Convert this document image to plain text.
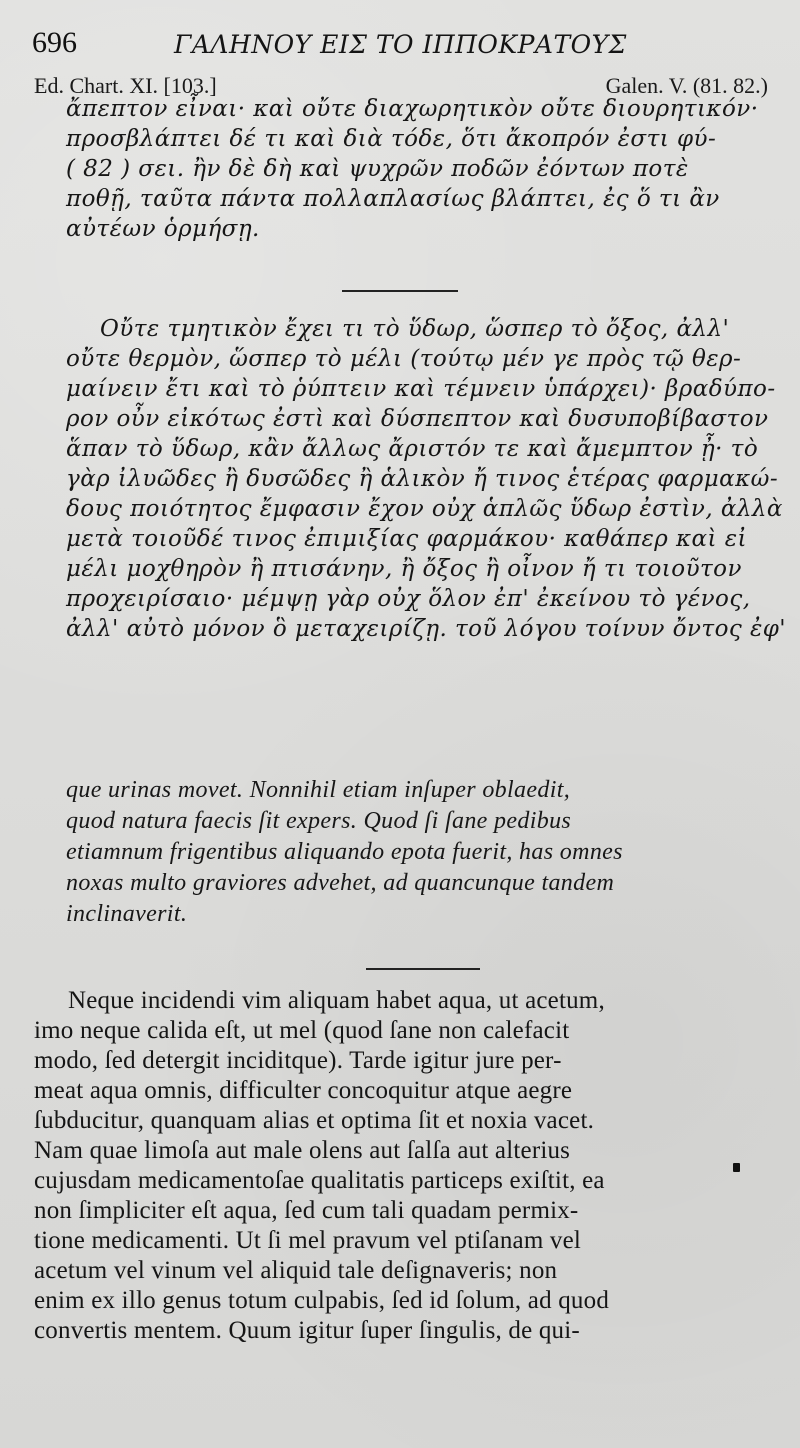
696	ΓΑΛΗΝΟΥ ΕΙΣ ΤΟ ΙΠΠΟΚΡΑΤΟΥΣ
Ed. Chart. XI. [103.]	Galen. V. (81. 82.)
ἄπεπτον εἶναι· καὶ οὔτε διαχωρητικὸν οὔτε διουρητικόν·
προσβλάπτει δέ τι καὶ διὰ τόδε, ὅτι ἄκοπρόν ἐστι φύ-
( 82 ) σει. ἢν δὲ δὴ καὶ ψυχρῶν ποδῶν ἐόντων ποτὲ
ποθῇ, ταῦτα πάντα πολλαπλασίως βλάπτει, ἐς ὅ τι ἂν
αὐτέων ὁρμήσῃ.
Οὔτε τμητικὸν ἔχει τι τὸ ὕδωρ, ὥσπερ τὸ ὄξος, ἀλλ'
οὔτε θερμὸν, ὥσπερ τὸ μέλι (τούτῳ μέν γε πρὸς τῷ θερ-
μαίνειν ἔτι καὶ τὸ ῥύπτειν καὶ τέμνειν ὑπάρχει)· βραδύπο-
ρον οὖν εἰκότως ἐστὶ καὶ δύσπεπτον καὶ δυσυποβίβαστον
ἅπαν τὸ ὕδωρ, κἂν ἄλλως ἄριστόν τε καὶ ἄμεμπτον ᾖ· τὸ
γὰρ ἰλυῶδες ἢ δυσῶδες ἢ ἁλικὸν ἤ τινος ἑτέρας φαρμακώ-
δους ποιότητος ἔμφασιν ἔχον οὐχ ἁπλῶς ὕδωρ ἐστὶν, ἀλλὰ
μετὰ τοιοῦδέ τινος ἐπιμιξίας φαρμάκου· καθάπερ καὶ εἰ
μέλι μοχθηρὸν ἢ πτισάνην, ἢ ὄξος ἢ οἶνον ἤ τι τοιοῦτον
προχειρίσαιο· μέμψῃ γὰρ οὐχ ὅλον ἐπ' ἐκείνου τὸ γένος,
ἀλλ' αὐτὸ μόνον ὃ μεταχειρίζῃ. τοῦ λόγου τοίνυν ὄντος ἐφ'
que urinas movet. Nonnihil etiam inſuper oblaedit,
quod natura faecis ſit expers. Quod ſi ſane pedibus
etiamnum frigentibus aliquando epota fuerit, has omnes
noxas multo graviores advehet, ad quancunque tandem
inclinaverit.
Neque incidendi vim aliquam habet aqua, ut acetum,
imo neque calida eſt, ut mel (quod ſane non calefacit
modo, ſed detergit inciditque). Tarde igitur jure per-
meat aqua omnis, difficulter concoquitur atque aegre
ſubducitur, quanquam alias et optima ſit et noxia vacet.
Nam quae limoſa aut male olens aut ſalſa aut alterius
cujusdam medicamentoſae qualitatis particeps exiſtit, ea
non ſimpliciter eſt aqua, ſed cum tali quadam permix-
tione medicamenti. Ut ſi mel pravum vel ptiſanam vel
acetum vel vinum vel aliquid tale deſignaveris; non
enim ex illo genus totum culpabis, ſed id ſolum, ad quod
convertis mentem. Quum igitur ſuper ſingulis, de qui-
